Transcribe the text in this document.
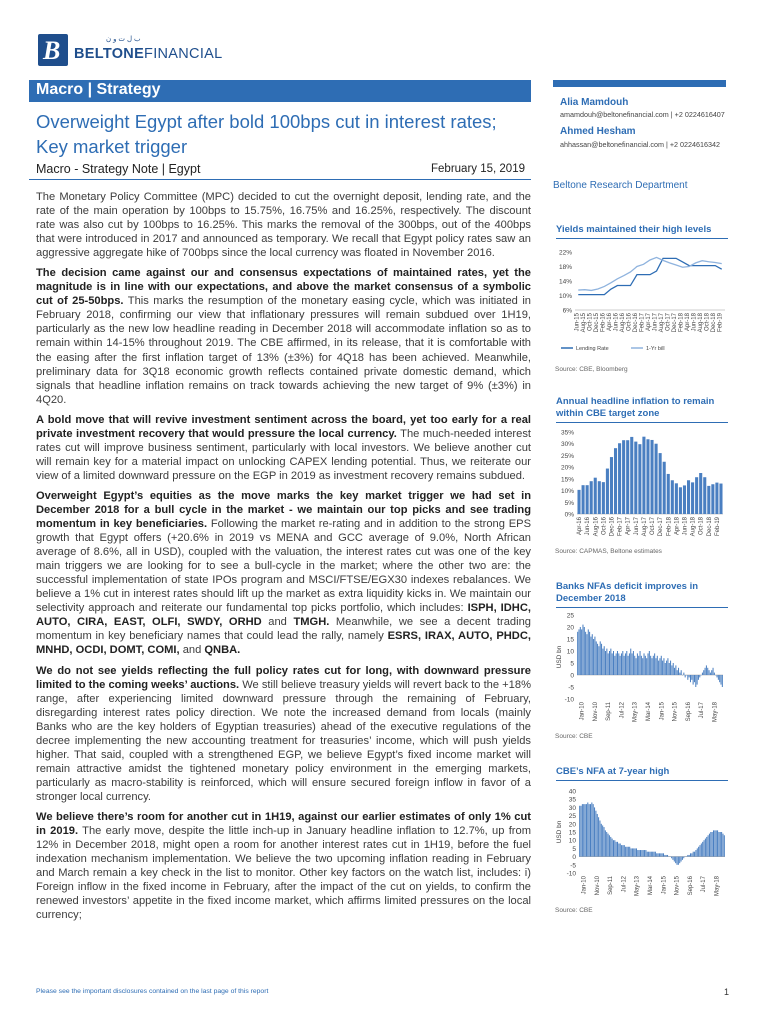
B	ب ل ت و ن
BELTONEFINANCIAL
Macro | Strategy
Overweight Egypt after bold 100bps cut in interest rates; Key market trigger
Macro - Strategy Note | Egypt	February 15, 2019
Alia Mamdouh
amamdouh@beltonefinancial.com | +2 0224616407
Ahmed Hesham
ahhassan@beltonefinancial.com | +2 0224616342
Beltone Research Department

The Monetary Policy Committee (MPC) decided to cut the overnight deposit, lending rate, and the rate of the main operation by 100bps to 15.75%, 16.75% and 16.25%, respectively. The discount rate was also cut by 100bps to 16.25%. This marks the removal of the 300bps, out of the 400bps that were introduced in 2017 and announced as temporary. We recall that Egypt policy rates saw an aggressive aggregate hike of 700bps since the local currency was floated in November 2016.

The decision came against our and consensus expectations of maintained rates, yet the magnitude is in line with our expectations, and above the market consensus of a symbolic cut of 25-50bps. This marks the resumption of the monetary easing cycle, which was initiated in February 2018, confirming our view that inflationary pressures will remain subdued over 1H19, particularly as the new low headline reading in December 2018 will accommodate inflation so as to remain within 14-15% throughout 2019. The CBE affirmed, in its release, that it is comfortable with the easing after the first inflation target of 13% (±3%) for 4Q18 has been achieved. Meanwhile, preliminary data for 3Q18 economic growth reflects contained private domestic demand, which signals that headline inflation remains on track towards achieving the new target of 9% (±3%) in 4Q20.

A bold move that will revive investment sentiment across the board, yet too early for a real private investment recovery that would pressure the local currency. The much-needed interest rates cut will improve business sentiment, particularly with local investors. We believe another cut will remain key for a material impact on unlocking CAPEX lending potential. Thus, we reiterate our view of a limited downward pressure on the EGP in 2019 as investment recovery remains subdued.

Overweight Egypt’s equities as the move marks the key market trigger we had set in December 2018 for a bull cycle in the market - we maintain our top picks and see trading momentum in key beneficiaries. Following the market re-rating and in addition to the strong EPS growth that Egypt offers (+20.6% in 2019 vs MENA and GCC average of 9.0%, North African average of 8.6%, all in USD), coupled with the valuation, the interest rates cut was one of the key main triggers we are looking for to see a bull-cycle in the market; where the other two are: the successful implementation of state IPOs program and MSCI/FTSE/EGX30 indexes rebalances. We believe a 1% cut in interest rates should lift up the market as extra liquidity kicks in. We maintain our selectivity approach and reiterate our fundamental top picks portfolio, which includes: ISPH, IDHC, AUTO, CIRA, EAST, OLFI, SWDY, ORHD and TMGH. Meanwhile, we see a decent trading momentum in key beneficiary names that could lead the rally, namely ESRS, IRAX, AUTO, PHDC, MNHD, OCDI, DOMT, COMI, and QNBA.

We do not see yields reflecting the full policy rates cut for long, with downward pressure limited to the coming weeks’ auctions. We still believe treasury yields will revert back to the +18% range, after experiencing limited downward pressure through the remaining of February, disregarding interest rates policy direction. We note the increased demand from locals (mainly Banks who are the key holders of Egyptian treasuries) ahead of the executive regulations of the decree implementing the new accounting treatment for treasuries’ income, which will push yields higher. That said, coupled with a strengthened EGP, we believe Egypt’s fixed income market will remain attractive amidst the tightened monetary policy environment in the emerging markets, particularly as macro-stability is reinforced, which will ensure secured foreign inflow in favor of a stronger local currency.

We believe there’s room for another cut in 1H19, against our earlier estimates of only 1% cut in 2019. The early move, despite the little inch-up in January headline inflation to 12.7%, up from 12% in December 2018, might open a room for another interest rates cut in 1H19, before the fuel indexation mechanism implementation. We believe the two upcoming inflation reading in February and March remain a key check in the list to monitor. Other key factors on the watch list, includes: i) Foreign inflow in the fixed income in February, after the impact of the cut on yields, to confirm the renewed investors’ appetite in the fixed income market, which affirms limited pressures on the local currency;

Yields maintained their high levels
22%
18%
14%
10%
6%
Jun-15 Aug-15 Oct-15 Dec-15 Feb-16 Apr-16 Jun-16 Aug-16 Oct-16 Dec-16 Feb-17 Apr-17 Jun-17 Aug-17 Oct-17 Dec-17 Feb-18 Apr-18 Jun-18 Aug-18 Oct-18 Dec-18 Feb-19
Lending Rate	1-Yr bill
Source: CBE, Bloomberg
Annual headline inflation to remain within CBE target zone
35%
30%
25%
20%
15%
10%
5%
0%
Apr-16 Jun-16 Aug-16 Oct-16 Dec-16 Feb-17 Apr-17 Jun-17 Aug-17 Oct-17 Dec-17 Feb-18 Apr-18 Jun-18 Aug-18 Oct-18 Dec-18 Feb-19
Source: CAPMAS, Beltone estimates
Banks NFAs deficit improves in December 2018
25
20
15
10
5
0
-5
-10
Jan-10 Nov-10 Sep-11 Jul-12 May-13 Mar-14 Jan-15 Nov-15 Sep-16 Jul-17 May-18
USD bn
Source: CBE
CBE’s NFA at 7-year high
40
35
30
25
20
15
10
5
0
-5
-10
Jan-10 Nov-10 Sep-11 Jul-12 May-13 Mar-14 Jan-15 Nov-15 Sep-16 Jul-17 May-18
USD bn
Source: CBE
Please see the important disclosures contained on the last page of this report	1
